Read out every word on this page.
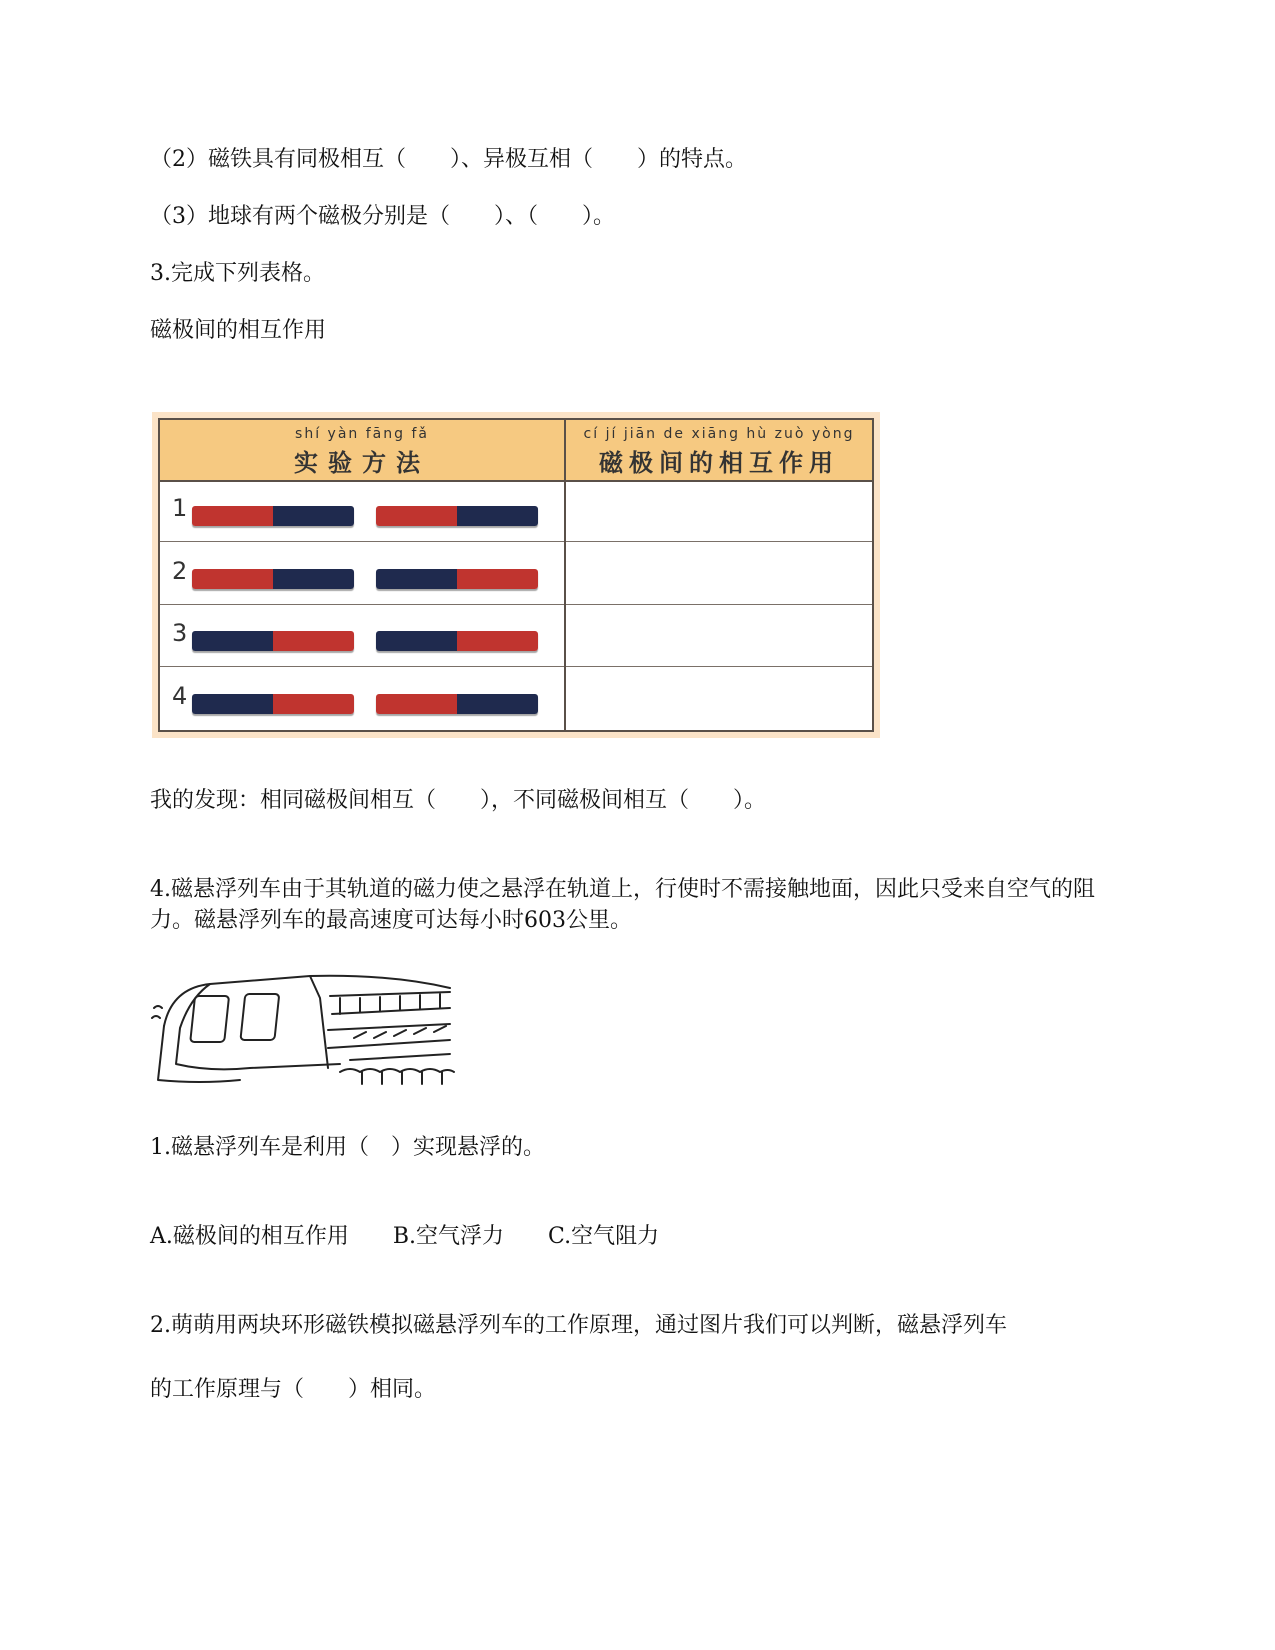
（2）磁铁具有同极相互（　　）、异极互相（　　）的特点。
（3）地球有两个磁极分别是（　　）、（　　）。
3.完成下列表格。
磁极间的相互作用
shí yàn fāng fǎ
实验方法
cí jí jiān de xiāng hù zuò yòng
磁极间的相互作用
1
2
3
4
我的发现：相同磁极间相互（　　），不同磁极间相互（　　）。
4.磁悬浮列车由于其轨道的磁力使之悬浮在轨道上，行使时不需接触地面，因此只受来自空气的阻力。磁悬浮列车的最高速度可达每小时603公里。
1.磁悬浮列车是利用（　）实现悬浮的。
A.磁极间的相互作用　　B.空气浮力　　C.空气阻力
2.萌萌用两块环形磁铁模拟磁悬浮列车的工作原理，通过图片我们可以判断，磁悬浮列车
的工作原理与（　　）相同。
